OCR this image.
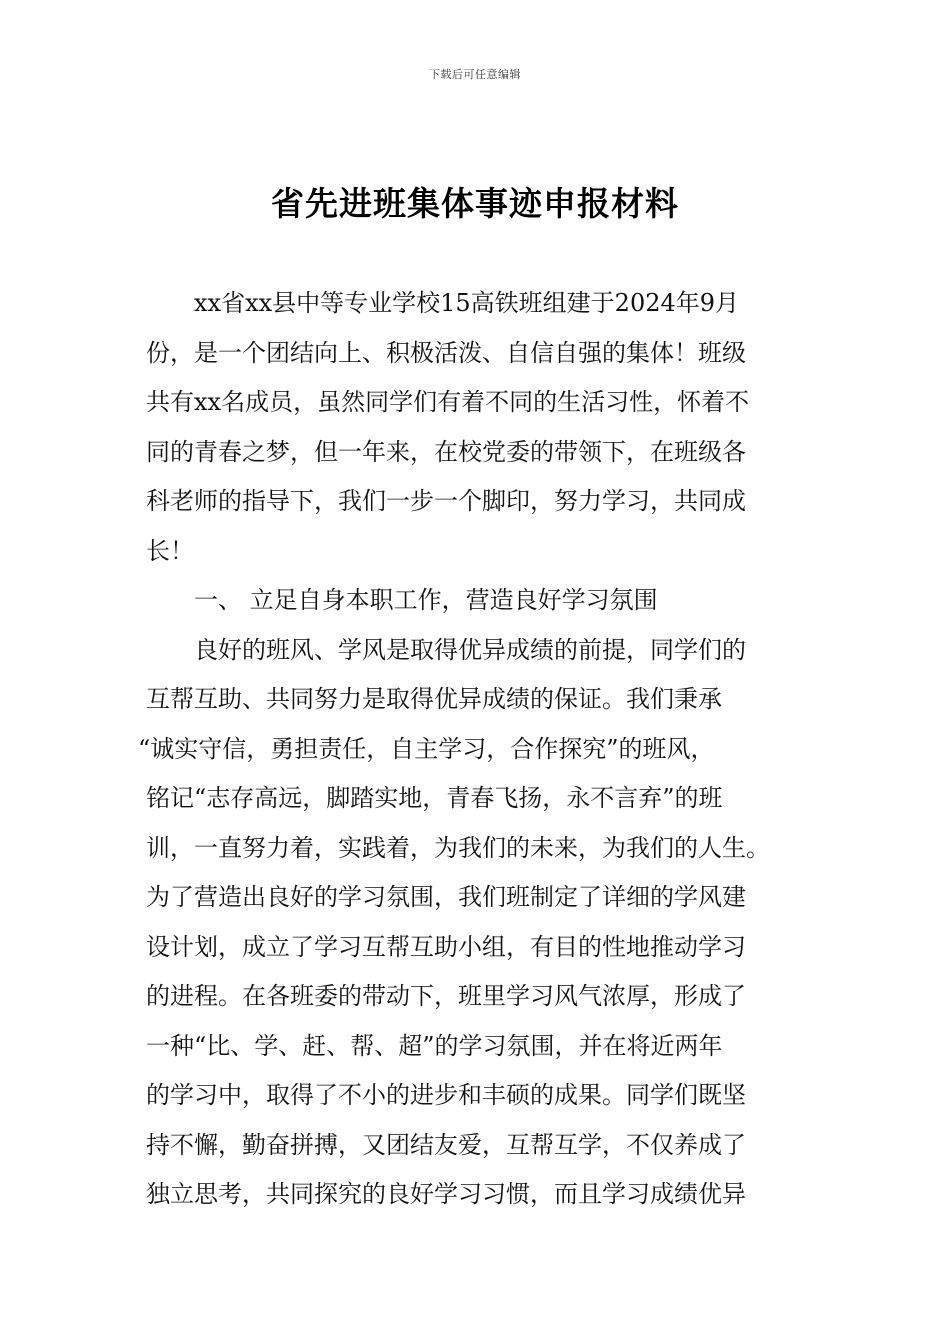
下载后可任意编辑
省先进班集体事迹申报材料
xx省xx县中等专业学校15高铁班组建于2024年9月
份，是一个团结向上、积极活泼、自信自强的集体！班级
共有xx名成员，虽然同学们有着不同的生活习性，怀着不
同的青春之梦，但一年来，在校党委的带领下，在班级各
科老师的指导下，我们一步一个脚印，努力学习，共同成
长！
一、 立足自身本职工作，营造良好学习氛围
良好的班风、学风是取得优异成绩的前提，同学们的
互帮互助、共同努力是取得优异成绩的保证。我们秉承
“诚实守信，勇担责任，自主学习，合作探究”的班风，
铭记“志存高远，脚踏实地，青春飞扬，永不言弃”的班
训，一直努力着，实践着，为我们的未来，为我们的人生。
为了营造出良好的学习氛围，我们班制定了详细的学风建
设计划，成立了学习互帮互助小组，有目的性地推动学习
的进程。在各班委的带动下，班里学习风气浓厚，形成了
一种“比、学、赶、帮、超”的学习氛围，并在将近两年
的学习中，取得了不小的进步和丰硕的成果。同学们既坚
持不懈，勤奋拼搏，又团结友爱，互帮互学，不仅养成了
独立思考，共同探究的良好学习习惯，而且学习成绩优异
